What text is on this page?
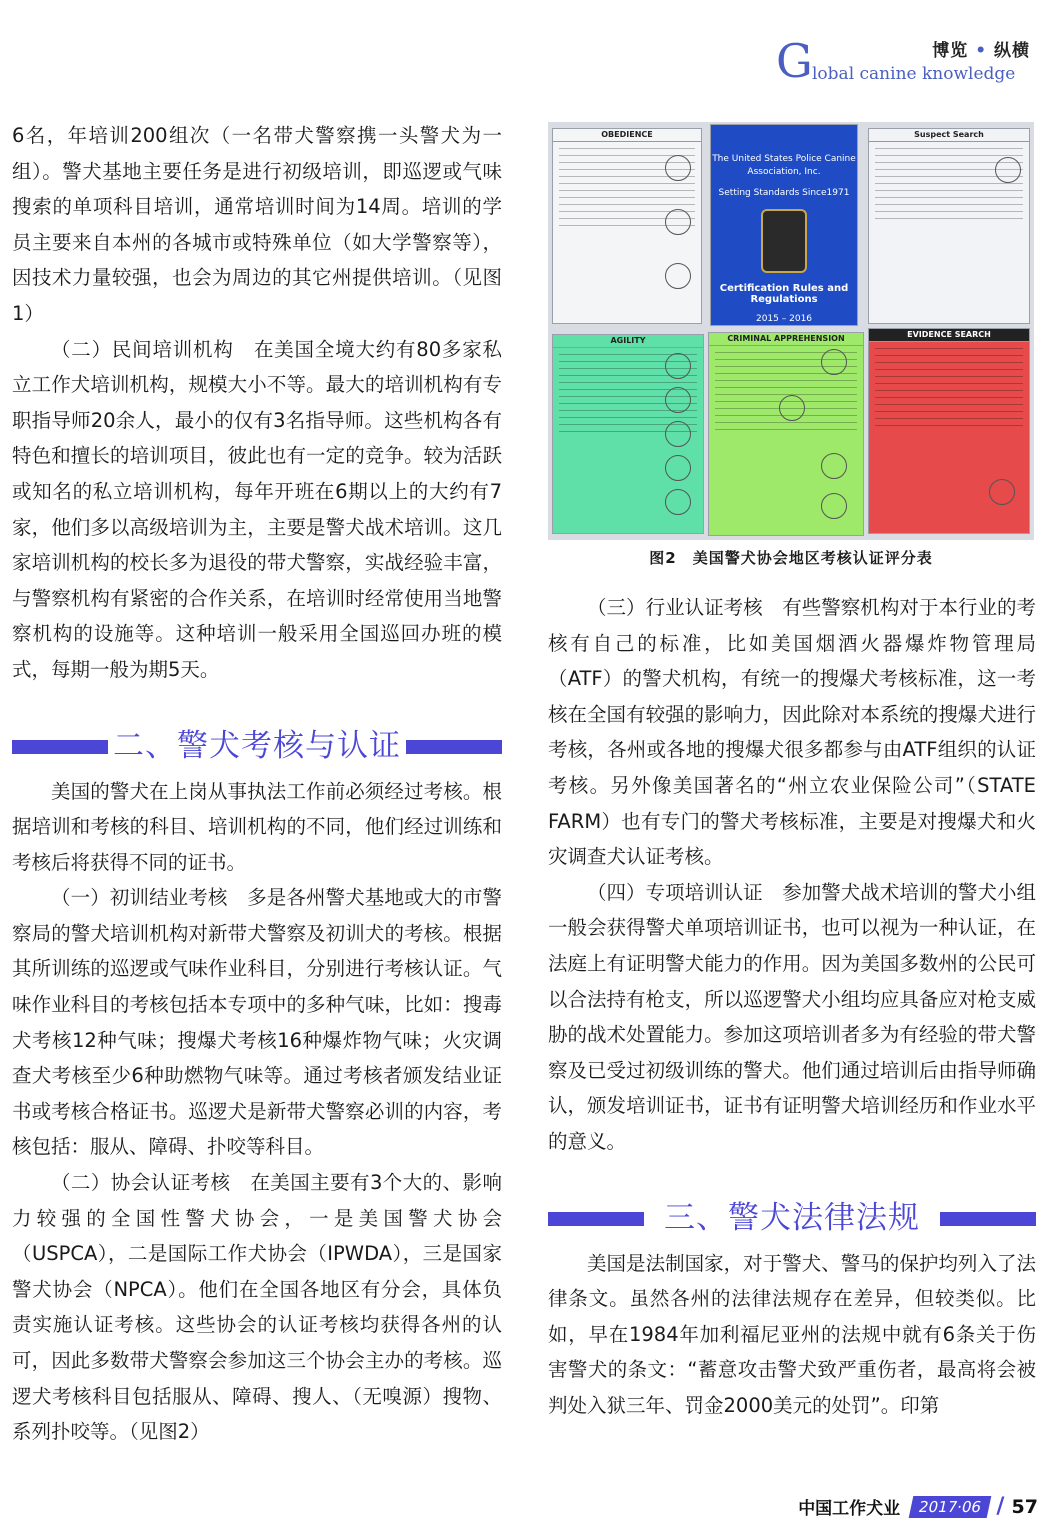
G	博览 • 纵横
lobal canine knowledge

6名，年培训200组次（一名带犬警察携一头警犬为一组）。警犬基地主要任务是进行初级培训，即巡逻或气味搜索的单项科目培训，通常培训时间为14周。培训的学员主要来自本州的各城市或特殊单位（如大学警察等），因技术力量较强，也会为周边的其它州提供培训。（见图1）

（二）民间培训机构　在美国全境大约有80多家私立工作犬培训机构，规模大小不等。最大的培训机构有专职指导师20余人，最小的仅有3名指导师。这些机构各有特色和擅长的培训项目，彼此也有一定的竞争。较为活跃或知名的私立培训机构，每年开班在6期以上的大约有7家，他们多以高级培训为主，主要是警犬战术培训。这几家培训机构的校长多为退役的带犬警察，实战经验丰富，与警察机构有紧密的合作关系，在培训时经常使用当地警察机构的设施等。这种培训一般采用全国巡回办班的模式，每期一般为期5天。

二、警犬考核与认证

美国的警犬在上岗从事执法工作前必须经过考核。根据培训和考核的科目、培训机构的不同，他们经过训练和考核后将获得不同的证书。

（一）初训结业考核　多是各州警犬基地或大的市警察局的警犬培训机构对新带犬警察及初训犬的考核。根据其所训练的巡逻或气味作业科目，分别进行考核认证。气味作业科目的考核包括本专项中的多种气味，比如：搜毒犬考核12种气味；搜爆犬考核16种爆炸物气味；火灾调查犬考核至少6种助燃物气味等。通过考核者颁发结业证书或考核合格证书。巡逻犬是新带犬警察必训的内容，考核包括：服从、障碍、扑咬等科目。

（二）协会认证考核　在美国主要有3个大的、影响力较强的全国性警犬协会，一是美国警犬协会（USPCA），二是国际工作犬协会（IPWDA），三是国家警犬协会（NPCA）。他们在全国各地区有分会，具体负责实施认证考核。这些协会的认证考核均获得各州的认可，因此多数带犬警察会参加这三个协会主办的考核。巡逻犬考核科目包括服从、障碍、搜人、（无嗅源）搜物、系列扑咬等。（见图2）

OBEDIENCE
The United States Police Canine Association, Inc.
Setting Standards Since1971
Certification Rules and Regulations
2015 – 2016
Suspect Search
AGILITY	CRIMINAL APPREHENSION	EVIDENCE SEARCH
图2　美国警犬协会地区考核认证评分表

（三）行业认证考核　有些警察机构对于本行业的考核有自己的标准，比如美国烟酒火器爆炸物管理局（ATF）的警犬机构，有统一的搜爆犬考核标准，这一考核在全国有较强的影响力，因此除对本系统的搜爆犬进行考核，各州或各地的搜爆犬很多都参与由ATF组织的认证考核。另外像美国著名的“州立农业保险公司”（STATE FARM）也有专门的警犬考核标准，主要是对搜爆犬和火灾调查犬认证考核。

（四）专项培训认证　参加警犬战术培训的警犬小组一般会获得警犬单项培训证书，也可以视为一种认证，在法庭上有证明警犬能力的作用。因为美国多数州的公民可以合法持有枪支，所以巡逻警犬小组均应具备应对枪支威胁的战术处置能力。参加这项培训者多为有经验的带犬警察及已受过初级训练的警犬。他们通过培训后由指导师确认，颁发培训证书，证书有证明警犬培训经历和作业水平的意义。

三、警犬法律法规

美国是法制国家，对于警犬、警马的保护均列入了法律条文。虽然各州的法律法规存在差异，但较类似。比如，早在1984年加利福尼亚州的法规中就有6条关于伤害警犬的条文：“蓄意攻击警犬致严重伤者，最高将会被判处入狱三年、罚金2000美元的处罚”。印第

中国工作犬业 2017·06 / 57
